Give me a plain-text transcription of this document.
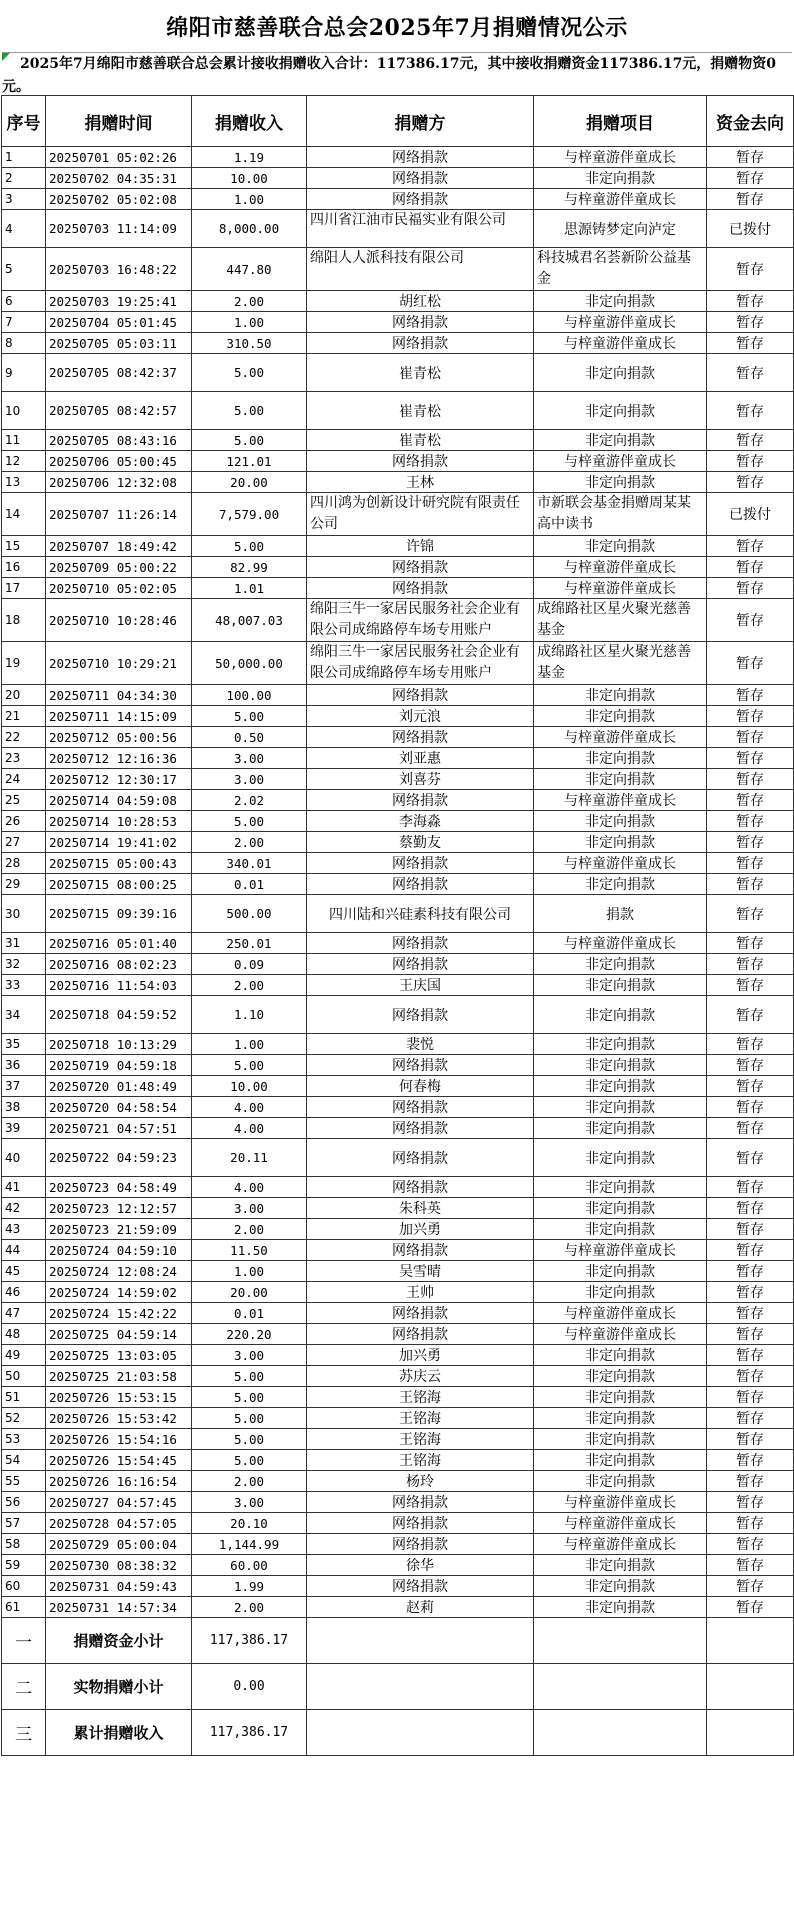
绵阳市慈善联合总会2025年7月捐赠情况公示
2025年7月绵阳市慈善联合总会累计接收捐赠收入合计：117386.17元，其中接收捐赠资金117386.17元，捐赠物资0元。
序号	捐赠时间	捐赠收入	捐赠方	捐赠项目	资金去向
1	20250701 05:02:26	1.19	网络捐款	与梓童游伴童成长	暂存
2	20250702 04:35:31	10.00	网络捐款	非定向捐款	暂存
3	20250702 05:02:08	1.00	网络捐款	与梓童游伴童成长	暂存
4	20250703 11:14:09	8,000.00	四川省江油市民福实业有限公司	思源铸梦定向泸定	已拨付
5	20250703 16:48:22	447.80	绵阳人人派科技有限公司	科技城君名荟新阶公益基金	暂存
6	20250703 19:25:41	2.00	胡红松	非定向捐款	暂存
7	20250704 05:01:45	1.00	网络捐款	与梓童游伴童成长	暂存
8	20250705 05:03:11	310.50	网络捐款	与梓童游伴童成长	暂存
9	20250705 08:42:37	5.00	崔青松	非定向捐款	暂存
10	20250705 08:42:57	5.00	崔青松	非定向捐款	暂存
11	20250705 08:43:16	5.00	崔青松	非定向捐款	暂存
12	20250706 05:00:45	121.01	网络捐款	与梓童游伴童成长	暂存
13	20250706 12:32:08	20.00	王林	非定向捐款	暂存
14	20250707 11:26:14	7,579.00	四川鸿为创新设计研究院有限责任公司	市新联会基金捐赠周某某高中读书	已拨付
15	20250707 18:49:42	5.00	许锦	非定向捐款	暂存
16	20250709 05:00:22	82.99	网络捐款	与梓童游伴童成长	暂存
17	20250710 05:02:05	1.01	网络捐款	与梓童游伴童成长	暂存
18	20250710 10:28:46	48,007.03	绵阳三牛一家居民服务社会企业有限公司成绵路停车场专用账户	成绵路社区星火聚光慈善基金	暂存
19	20250710 10:29:21	50,000.00	绵阳三牛一家居民服务社会企业有限公司成绵路停车场专用账户	成绵路社区星火聚光慈善基金	暂存
20	20250711 04:34:30	100.00	网络捐款	非定向捐款	暂存
21	20250711 14:15:09	5.00	刘元浪	非定向捐款	暂存
22	20250712 05:00:56	0.50	网络捐款	与梓童游伴童成长	暂存
23	20250712 12:16:36	3.00	刘亚惠	非定向捐款	暂存
24	20250712 12:30:17	3.00	刘喜芬	非定向捐款	暂存
25	20250714 04:59:08	2.02	网络捐款	与梓童游伴童成长	暂存
26	20250714 10:28:53	5.00	李海淼	非定向捐款	暂存
27	20250714 19:41:02	2.00	蔡勤友	非定向捐款	暂存
28	20250715 05:00:43	340.01	网络捐款	与梓童游伴童成长	暂存
29	20250715 08:00:25	0.01	网络捐款	非定向捐款	暂存
30	20250715 09:39:16	500.00	四川陆和兴硅素科技有限公司	捐款	暂存
31	20250716 05:01:40	250.01	网络捐款	与梓童游伴童成长	暂存
32	20250716 08:02:23	0.09	网络捐款	非定向捐款	暂存
33	20250716 11:54:03	2.00	王庆国	非定向捐款	暂存
34	20250718 04:59:52	1.10	网络捐款	非定向捐款	暂存
35	20250718 10:13:29	1.00	裴悦	非定向捐款	暂存
36	20250719 04:59:18	5.00	网络捐款	非定向捐款	暂存
37	20250720 01:48:49	10.00	何春梅	非定向捐款	暂存
38	20250720 04:58:54	4.00	网络捐款	非定向捐款	暂存
39	20250721 04:57:51	4.00	网络捐款	非定向捐款	暂存
40	20250722 04:59:23	20.11	网络捐款	非定向捐款	暂存
41	20250723 04:58:49	4.00	网络捐款	非定向捐款	暂存
42	20250723 12:12:57	3.00	朱科英	非定向捐款	暂存
43	20250723 21:59:09	2.00	加兴勇	非定向捐款	暂存
44	20250724 04:59:10	11.50	网络捐款	与梓童游伴童成长	暂存
45	20250724 12:08:24	1.00	吴雪晴	非定向捐款	暂存
46	20250724 14:59:02	20.00	王帅	非定向捐款	暂存
47	20250724 15:42:22	0.01	网络捐款	与梓童游伴童成长	暂存
48	20250725 04:59:14	220.20	网络捐款	与梓童游伴童成长	暂存
49	20250725 13:03:05	3.00	加兴勇	非定向捐款	暂存
50	20250725 21:03:58	5.00	苏庆云	非定向捐款	暂存
51	20250726 15:53:15	5.00	王铭海	非定向捐款	暂存
52	20250726 15:53:42	5.00	王铭海	非定向捐款	暂存
53	20250726 15:54:16	5.00	王铭海	非定向捐款	暂存
54	20250726 15:54:45	5.00	王铭海	非定向捐款	暂存
55	20250726 16:16:54	2.00	杨玲	非定向捐款	暂存
56	20250727 04:57:45	3.00	网络捐款	与梓童游伴童成长	暂存
57	20250728 04:57:05	20.10	网络捐款	与梓童游伴童成长	暂存
58	20250729 05:00:04	1,144.99	网络捐款	与梓童游伴童成长	暂存
59	20250730 08:38:32	60.00	徐华	非定向捐款	暂存
60	20250731 04:59:43	1.99	网络捐款	非定向捐款	暂存
61	20250731 14:57:34	2.00	赵莉	非定向捐款	暂存
一	捐赠资金小计	117,386.17			
二	实物捐赠小计	0.00			
三	累计捐赠收入	117,386.17			
